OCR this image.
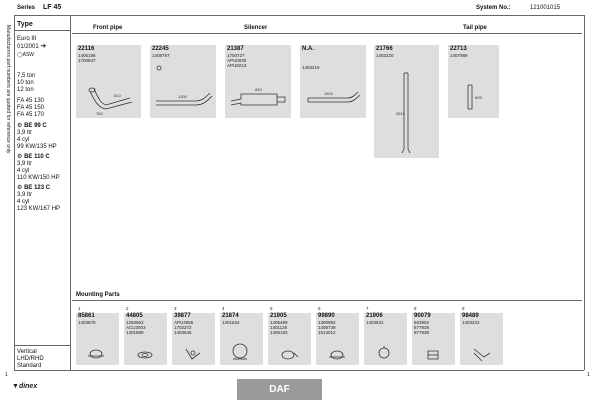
Series LF 45	System No.:	121001015
Manufacturers part numbers are quoted for reference only
Type
Euro III
01/2001 ➔
◯ASW
7,5 ton
10 ton
12 ton
FA 45 130
FA 45 150
FA 45 170
⚙ BE 99 C
3,9 ltr
4 cyl
99 KW/135 HP
⚙ BE 110 C
3,9 ltr
4 cyl
110 KW/150 HP
⚙ BE 123 C
3,9 ltr
4 cyl
123 KW/167 HP
Vertical
LHD/RHD
Standard
Front pipe	Silencer	Tail pipe
22116
1405198
1700847
810
760
22245
1408797
1300
21387
1700727
APU0030
APU8213
840
N.A.
1403219
1500
21766
1403220
3512
22713
1407989
895
Mounting Parts
1
85861
1403678
2
44805
1250663
ACU3003
1401889
3
39877
APU4055
1702272
1403646
4
21874
1401634
5
21905
1405499
1401125
1405193
6
99890
1400992
1408739
1513012
7
21906
1403631
8
90079
683902
877939
877938
9
98489
1403222
1	1
▼dinex	DAF
